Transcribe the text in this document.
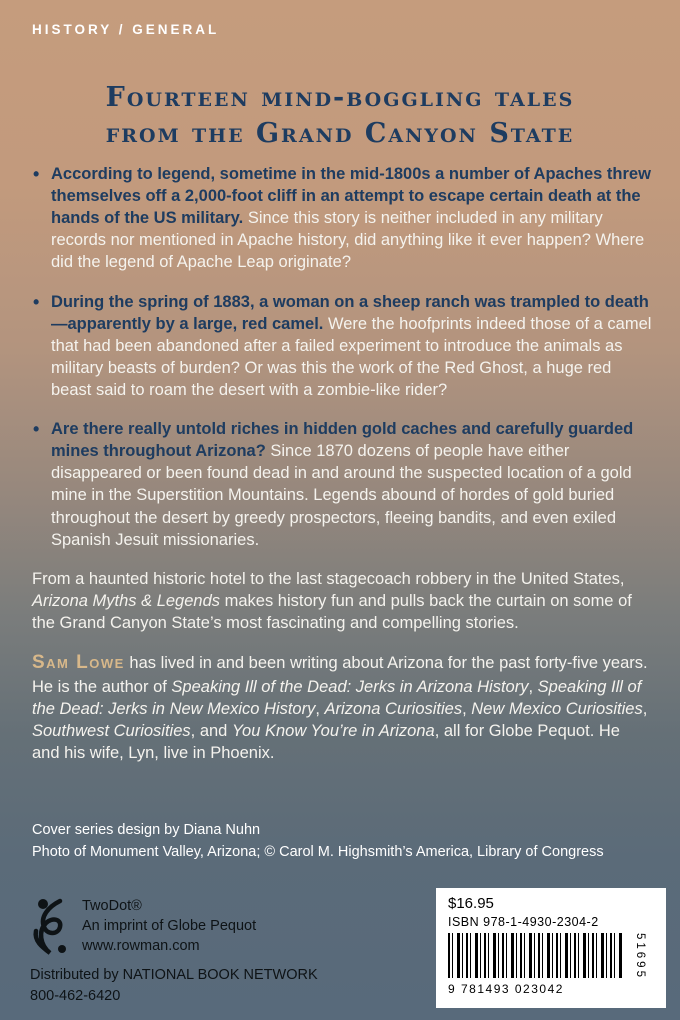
HISTORY / GENERAL
Fourteen mind-boggling tales
from the Grand Canyon State
• According to legend, sometime in the mid-1800s a number of Apaches threw themselves off a 2,000-foot cliff in an attempt to escape certain death at the hands of the US military. Since this story is neither included in any military records nor mentioned in Apache history, did anything like it ever happen? Where did the legend of Apache Leap originate?
• During the spring of 1883, a woman on a sheep ranch was trampled to death—apparently by a large, red camel. Were the hoofprints indeed those of a camel that had been abandoned after a failed experiment to introduce the animals as military beasts of burden? Or was this the work of the Red Ghost, a huge red beast said to roam the desert with a zombie-like rider?
• Are there really untold riches in hidden gold caches and carefully guarded mines throughout Arizona? Since 1870 dozens of people have either disappeared or been found dead in and around the suspected location of a gold mine in the Superstition Mountains. Legends abound of hordes of gold buried throughout the desert by greedy prospectors, fleeing bandits, and even exiled Spanish Jesuit missionaries.

From a haunted historic hotel to the last stagecoach robbery in the United States, Arizona Myths & Legends makes history fun and pulls back the curtain on some of the Grand Canyon State’s most fascinating and compelling stories.

Sam Lowe has lived in and been writing about Arizona for the past forty-five years. He is the author of Speaking Ill of the Dead: Jerks in Arizona History, Speaking Ill of the Dead: Jerks in New Mexico History, Arizona Curiosities, New Mexico Curiosities, Southwest Curiosities, and You Know You’re in Arizona, all for Globe Pequot. He and his wife, Lyn, live in Phoenix.

Cover series design by Diana Nuhn
Photo of Monument Valley, Arizona; © Carol M. Highsmith’s America, Library of Congress
TwoDot®
An imprint of Globe Pequot
www.rowman.com
Distributed by NATIONAL BOOK NETWORK
800-462-6420
$16.95
ISBN 978-1-4930-2304-2
51695
9 781493 023042
